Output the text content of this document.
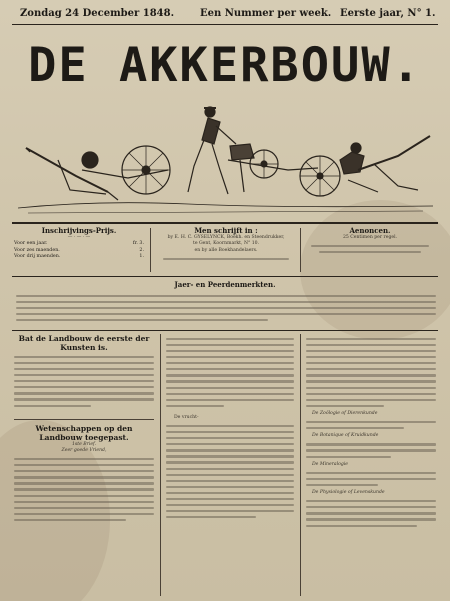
Zondag 24 December 1848.	Een Nummer per week. Eerste jaar, N° 1.
DE AKKERBOUW.
Inschrijvings-Prijs.
— · — · —
Voor een jaar.	fr. 3.
Voor zes maenden.	2.
Voor drij maenden.	1.
Men schrijft in :
by E. H. C. GYSELYNCK, Boekh. en Steendrukker,
te Gent, Koornmarkt, N° 10.
en by alle Boekhandelaers.
Aenoncen.
25 Centimen per regel.
Jaer- en Peerdenmerkten.
Bat de Landbouw de eerste der Kunsten is.
Wetenschappen op den Landbouw toegepast.
1ste Brief.
Zeer goede Vriend,
De vrucht-
De Zoölogie of Dierenkunde
De Botanique of Kruidkunde
De Mineralogie
De Physiologie of Levenskunde
